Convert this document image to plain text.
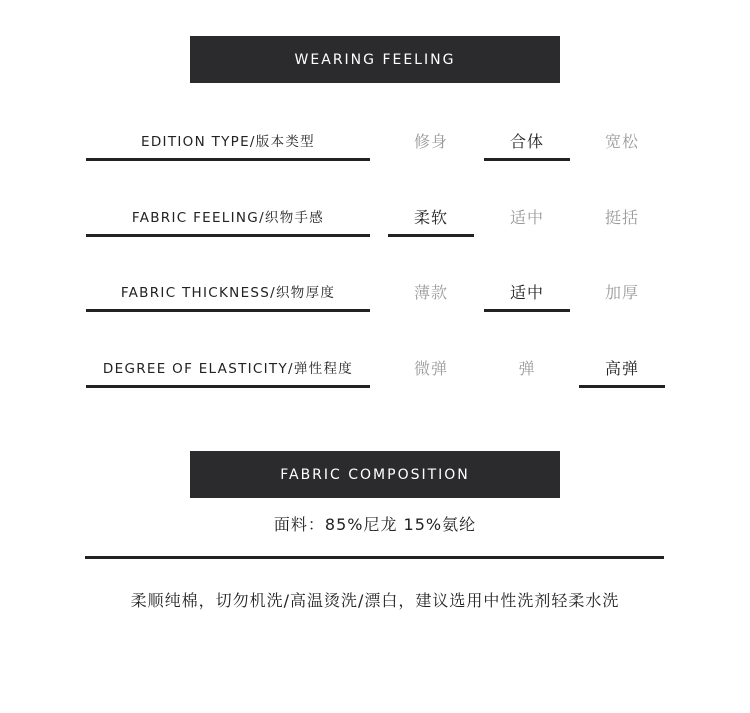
WEARING FEELING
EDITION TYPE/版本类型	修身	合体	宽松
FABRIC FEELING/织物手感	柔软	适中	挺括
FABRIC THICKNESS/织物厚度	薄款	适中	加厚
DEGREE OF ELASTICITY/弹性程度	微弹	弹	高弹
FABRIC COMPOSITION
面料：85%尼龙 15%氨纶
柔顺纯棉，切勿机洗/高温烫洗/漂白，建议选用中性洗剂轻柔水洗
